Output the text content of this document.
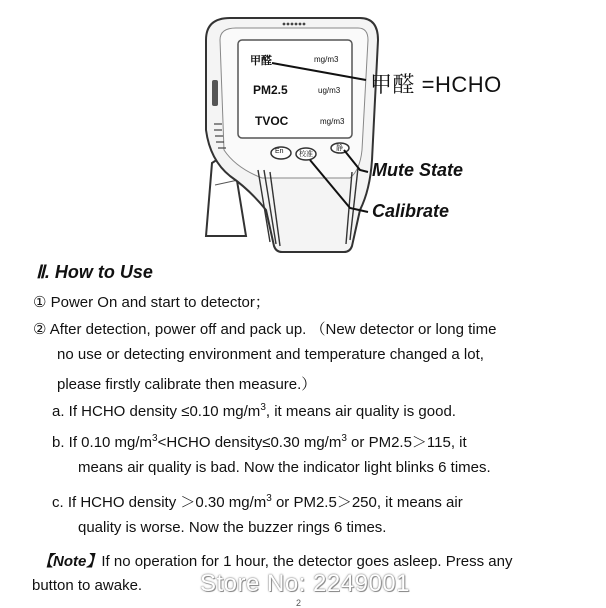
甲醛	mg/m3
PM2.5	ug/m3
TVOC	mg/m3
En 校准
静
甲醛 =HCHO
Mute State
Calibrate
Ⅱ. How to Use
① Power On and start to detector；
② After detection, power off and pack up. （New detector or long time
no use or detecting environment and temperature changed a lot,
please firstly calibrate then measure.）
a. If HCHO density ≤0.10 $mg/m^3$, it means air quality is good.
b. If 0.10 $mg/m^3<HCHO$ density≤0.30 $mg/m^3$ or PM2.5＞115, it
means air quality is bad. Now the indicator light blinks 6 times.
c. If HCHO density ＞0.30 $mg/m^3$ or PM2.5＞250, it means air
quality is worse. Now the buzzer rings 6 times.
【Note】If no operation for 1 hour, the detector goes asleep. Press any
button to awake. Store No: 2249001
2
